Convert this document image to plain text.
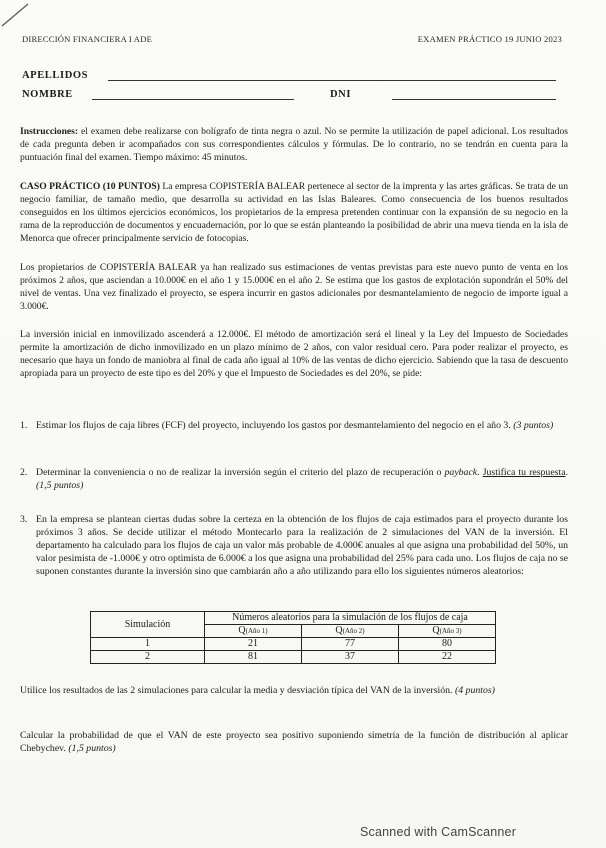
DIRECCIÓN FINANCIERA I ADE	EXAMEN PRÁCTICO 19 JUNIO 2023
APELLIDOS
NOMBRE	DNI

Instrucciones: el examen debe realizarse con bolígrafo de tinta negra o azul. No se permite la utilización de papel adicional. Los resultados de cada pregunta deben ir acompañados con sus correspondientes cálculos y fórmulas. De lo contrario, no se tendrán en cuenta para la puntuación final del examen. Tiempo máximo: 45 minutos.

CASO PRÁCTICO (10 PUNTOS) La empresa COPISTERÍA BALEAR pertenece al sector de la imprenta y las artes gráficas. Se trata de un negocio familiar, de tamaño medio, que desarrolla su actividad en las Islas Baleares. Como consecuencia de los buenos resultados conseguidos en los últimos ejercicios económicos, los propietarios de la empresa pretenden continuar con la expansión de su negocio en la rama de la reproducción de documentos y encuadernación, por lo que se están planteando la posibilidad de abrir una nueva tienda en la isla de Menorca que ofrecer principalmente servicio de fotocopias.

Los propietarios de COPISTERÍA BALEAR ya han realizado sus estimaciones de ventas previstas para este nuevo punto de venta en los próximos 2 años, que asciendan a 10.000€ en el año 1 y 15.000€ en el año 2. Se estima que los gastos de explotación supondrán el 50% del nivel de ventas. Una vez finalizado el proyecto, se espera incurrir en gastos adicionales por desmantelamiento de negocio de importe igual a 3.000€.

La inversión inicial en inmovilizado ascenderá a 12.000€. El método de amortización será el lineal y la Ley del Impuesto de Sociedades permite la amortización de dicho inmovilizado en un plazo mínimo de 2 años, con valor residual cero. Para poder realizar el proyecto, es necesario que haya un fondo de maniobra al final de cada año igual al 10% de las ventas de dicho ejercicio. Sabiendo que la tasa de descuento apropiada para un proyecto de este tipo es del 20% y que el Impuesto de Sociedades es del 20%, se pide:

1. Estimar los flujos de caja libres (FCF) del proyecto, incluyendo los gastos por desmantelamiento del negocio en el año 3. (3 puntos)
2. Determinar la conveniencia o no de realizar la inversión según el criterio del plazo de recuperación o payback. Justifica tu respuesta. (1,5 puntos)
3. En la empresa se plantean ciertas dudas sobre la certeza en la obtención de los flujos de caja estimados para el proyecto durante los próximos 3 años. Se decide utilizar el método Montecarlo para la realización de 2 simulaciones del VAN de la inversión. El departamento ha calculado para los flujos de caja un valor más probable de 4.000€ anuales al que asigna una probabilidad del 50%, un valor pesimista de -1.000€ y otro optimista de 6.000€ a los que asigna una probabilidad del 25% para cada uno. Los flujos de caja no se suponen constantes durante la inversión sino que cambiarán año a año utilizando para ello los siguientes números aleatorios:
Simulación	Números aleatorios para la simulación de los flujos de caja		
	Q(Año 1)	Q(Año 2)	Q(Año 3)
1	21	77	80
2	81	37	22

Utilice los resultados de las 2 simulaciones para calcular la media y desviación típica del VAN de la inversión. (4 puntos)

Calcular la probabilidad de que el VAN de este proyecto sea positivo suponiendo simetría de la función de distribución al aplicar Chebychev. (1,5 puntos)

Scanned with CamScanner
